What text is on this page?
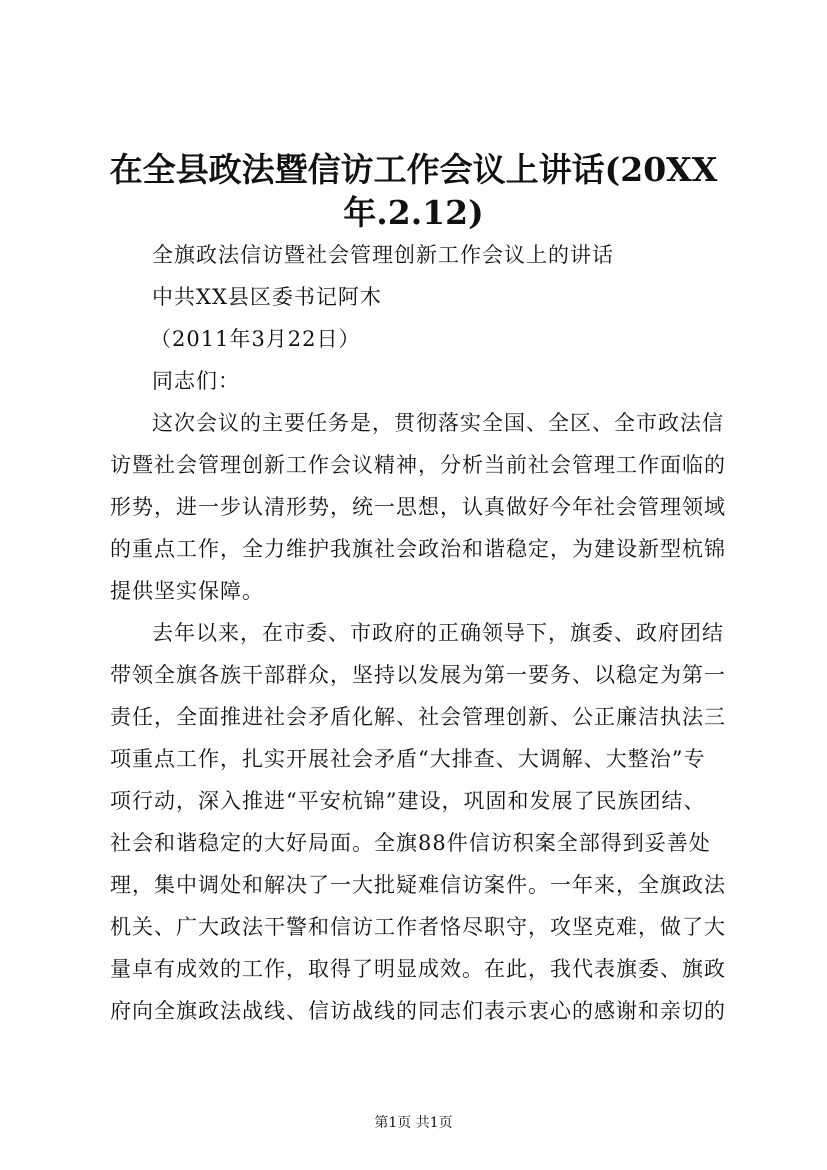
在全县政法暨信访工作会议上讲话(20XX
年.2.12)
全旗政法信访暨社会管理创新工作会议上的讲话
中共XX县区委书记阿木
（2011年3月22日）
同志们：
这次会议的主要任务是，贯彻落实全国、全区、全市政法信
访暨社会管理创新工作会议精神，分析当前社会管理工作面临的
形势，进一步认清形势，统一思想，认真做好今年社会管理领域
的重点工作，全力维护我旗社会政治和谐稳定，为建设新型杭锦
提供坚实保障。
去年以来，在市委、市政府的正确领导下，旗委、政府团结
带领全旗各族干部群众，坚持以发展为第一要务、以稳定为第一
责任，全面推进社会矛盾化解、社会管理创新、公正廉洁执法三
项重点工作，扎实开展社会矛盾“大排查、大调解、大整治”专
项行动，深入推进“平安杭锦”建设，巩固和发展了民族团结、
社会和谐稳定的大好局面。全旗88件信访积案全部得到妥善处
理，集中调处和解决了一大批疑难信访案件。一年来，全旗政法
机关、广大政法干警和信访工作者恪尽职守，攻坚克难，做了大
量卓有成效的工作，取得了明显成效。在此，我代表旗委、旗政
府向全旗政法战线、信访战线的同志们表示衷心的感谢和亲切的
第1页 共1页
